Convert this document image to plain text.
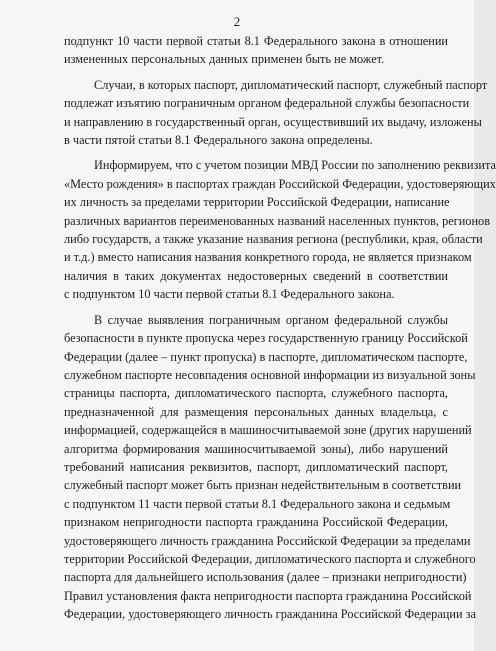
2
подпункт 10 части первой статьи 8.1 Федерального закона в отношении
измененных персональных данных применен быть не может.
Случаи, в которых паспорт, дипломатический паспорт, служебный паспорт
подлежат изъятию пограничным органом федеральной службы безопасности
и направлению в государственный орган, осуществивший их выдачу, изложены
в части пятой статьи 8.1 Федерального закона определены.
Информируем, что с учетом позиции МВД России по заполнению реквизита
«Место рождения» в паспортах граждан Российской Федерации, удостоверяющих
их личность за пределами территории Российской Федерации, написание
различных вариантов переименованных названий населенных пунктов, регионов
либо государств, а также указание названия региона (республики, края, области
и т.д.) вместо написания названия конкретного города, не является признаком
наличия в таких документах недостоверных сведений в соответствии
с подпунктом 10 части первой статьи 8.1 Федерального закона.
В случае выявления пограничным органом федеральной службы
безопасности в пункте пропуска через государственную границу Российской
Федерации (далее – пункт пропуска) в паспорте, дипломатическом паспорте,
служебном паспорте несовпадения основной информации из визуальной зоны
страницы паспорта, дипломатического паспорта, служебного паспорта,
предназначенной для размещения персональных данных владельца, с
информацией, содержащейся в машиносчитываемой зоне (других нарушений
алгоритма формирования машиносчитываемой зоны), либо нарушений
требований написания реквизитов, паспорт, дипломатический паспорт,
служебный паспорт может быть признан недействительным в соответствии
с подпунктом 11 части первой статьи 8.1 Федерального закона и седьмым
признаком непригодности паспорта гражданина Российской Федерации,
удостоверяющего личность гражданина Российской Федерации за пределами
территории Российской Федерации, дипломатического паспорта и служебного
паспорта для дальнейшего использования (далее – признаки непригодности)
Правил установления факта непригодности паспорта гражданина Российской
Федерации, удостоверяющего личность гражданина Российской Федерации за
